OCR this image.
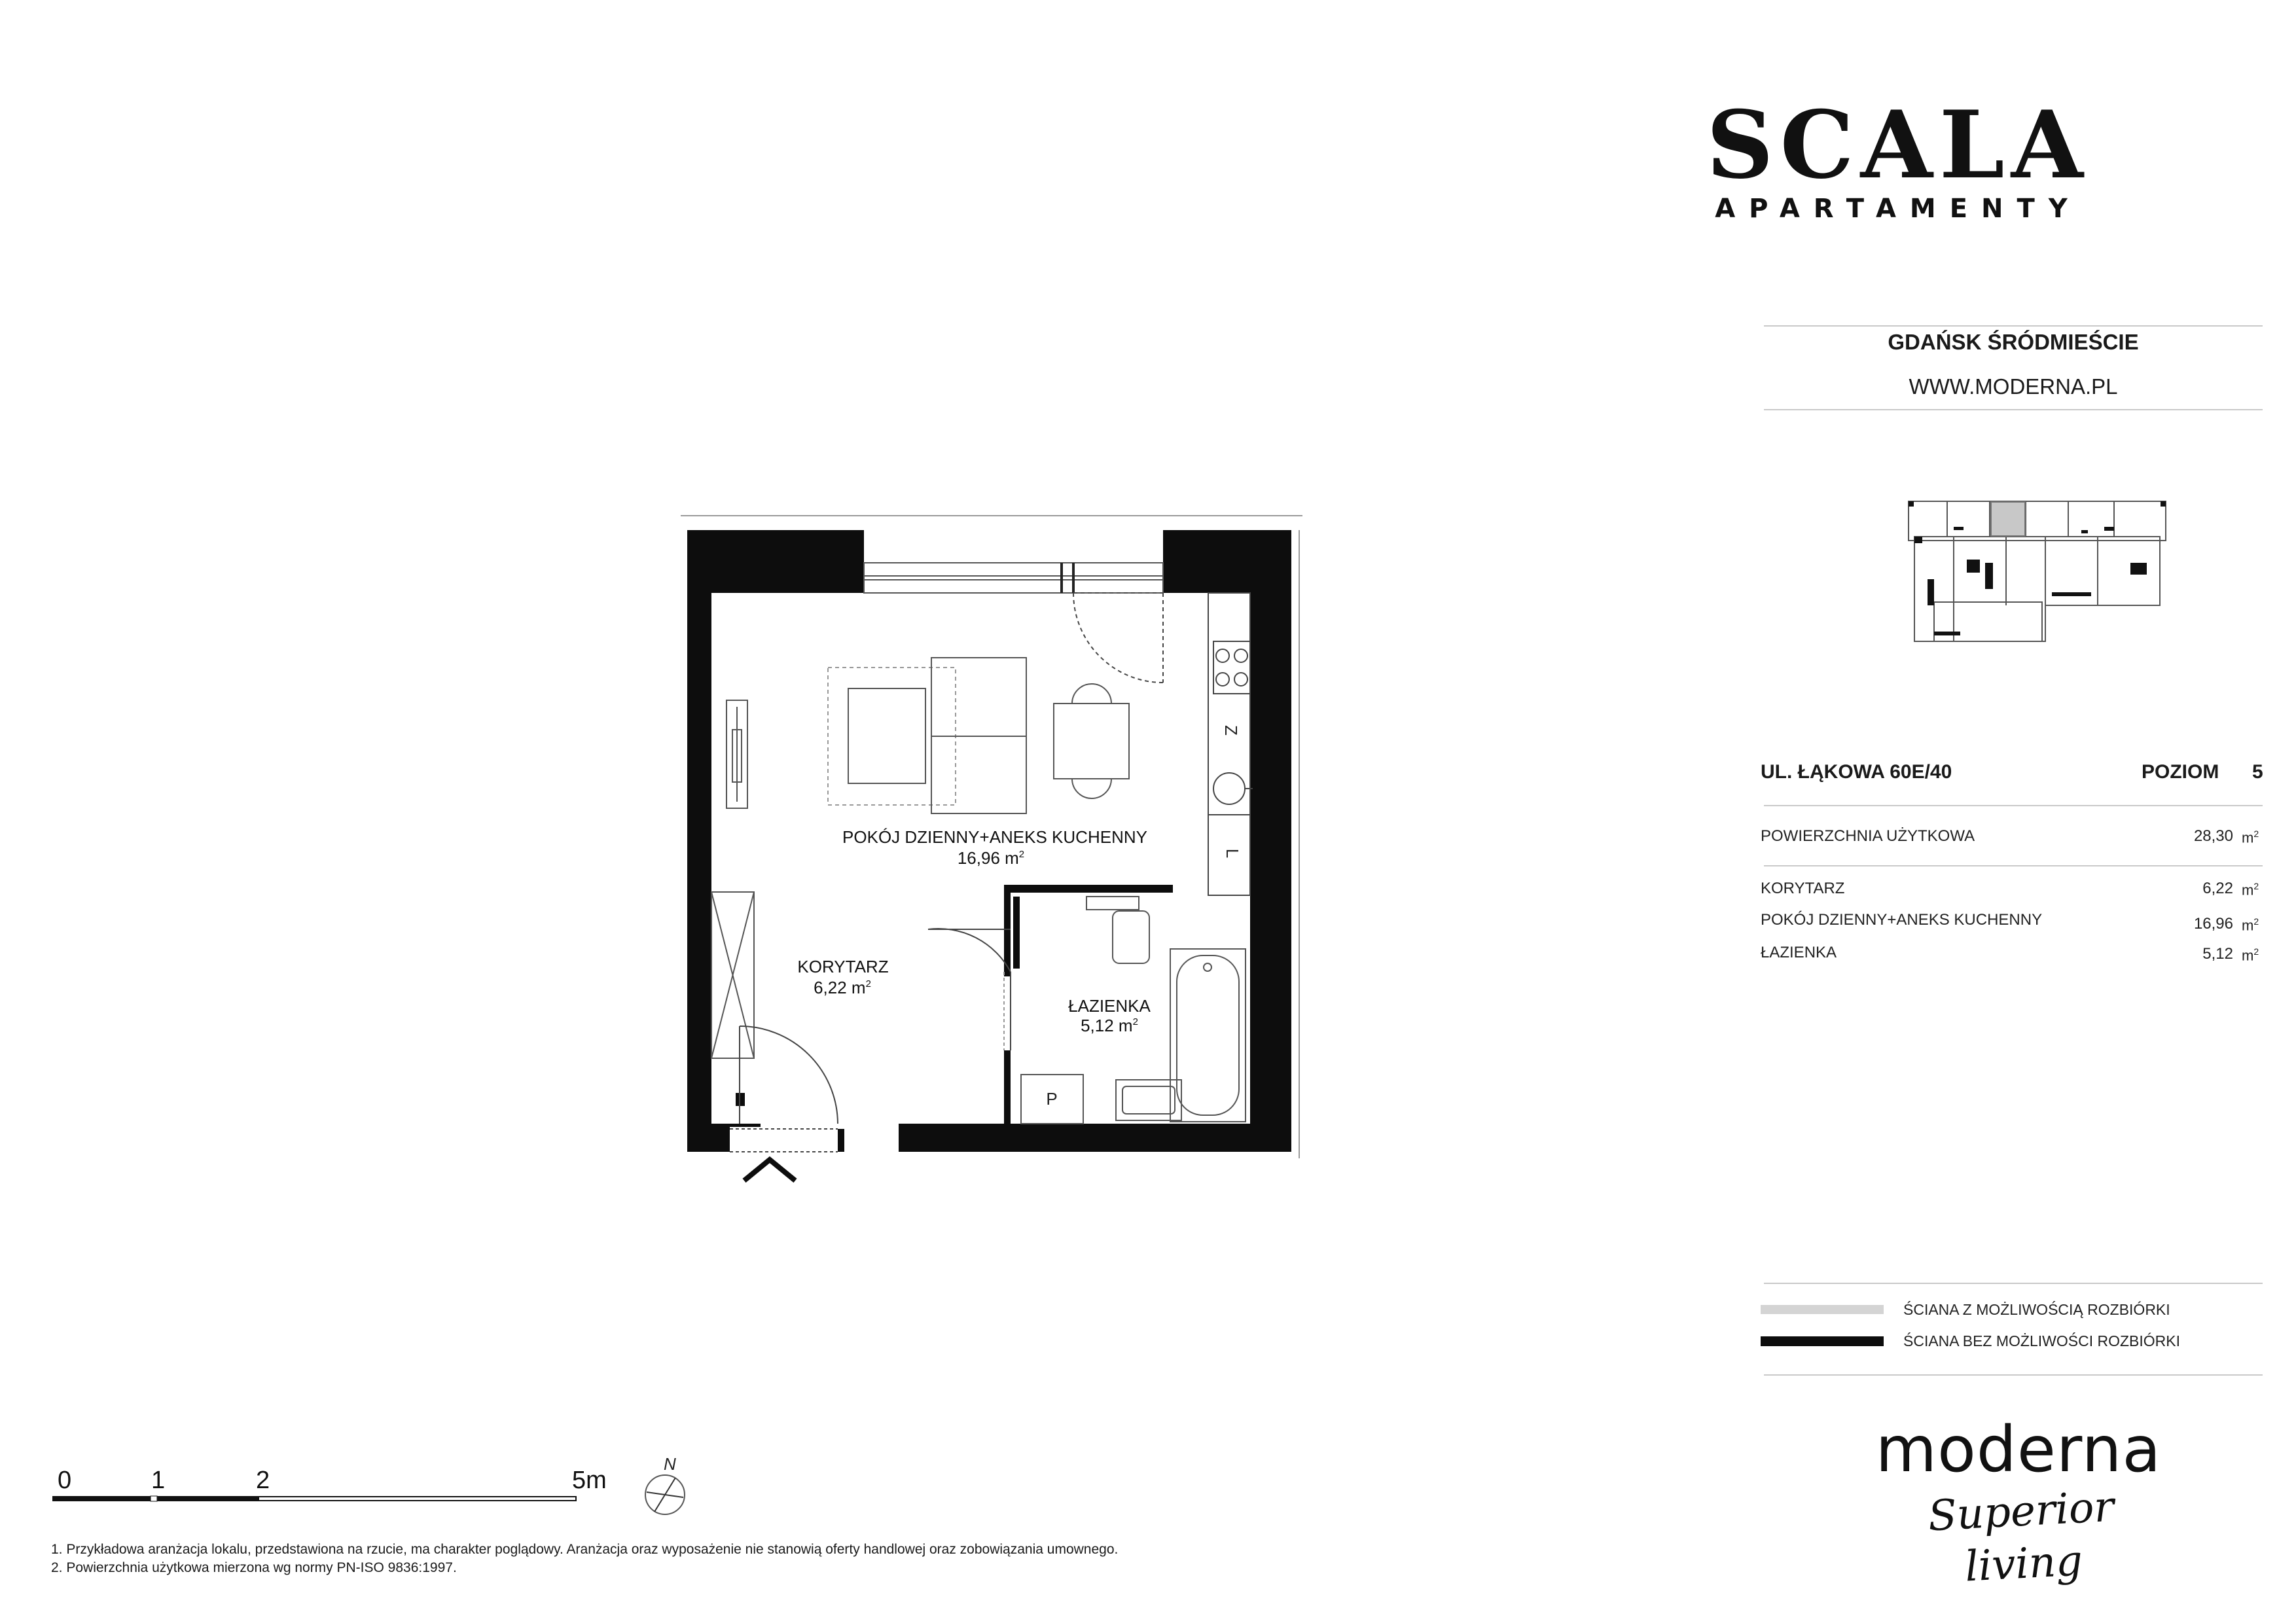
SCALA
APARTAMENTY
GDAŃSK ŚRÓDMIEŚCIE
WWW.MODERNA.PL
UL. ŁĄKOWA 60E/40	POZIOM 5
POWIERZCHNIA UŻYTKOWA	28,30 $m^2$
KORYTARZ	6,22 $m^2$
POKÓJ DZIENNY+ANEKS KUCHENNY	16,96 $m^2$
ŁAZIENKA	5,12 $m^2$
ŚCIANA Z MOŻLIWOŚCIĄ ROZBIÓRKI
ŚCIANA BEZ MOŻLIWOŚCI ROZBIÓRKI
moderna
Superior living
Z
L
P
POKÓJ DZIENNY+ANEKS KUCHENNY
16,96 $m^2$
KORYTARZ
6,22 $m^2$
ŁAZIENKA
5,12 $m^2$
0	1	2	5m
N
1. Przykładowa aranżacja lokalu, przedstawiona na rzucie, ma charakter poglądowy. Aranżacja oraz wyposażenie nie stanowią oferty handlowej oraz zobowiązania umownego.
2. Powierzchnia użytkowa mierzona wg normy PN-ISO 9836:1997.
